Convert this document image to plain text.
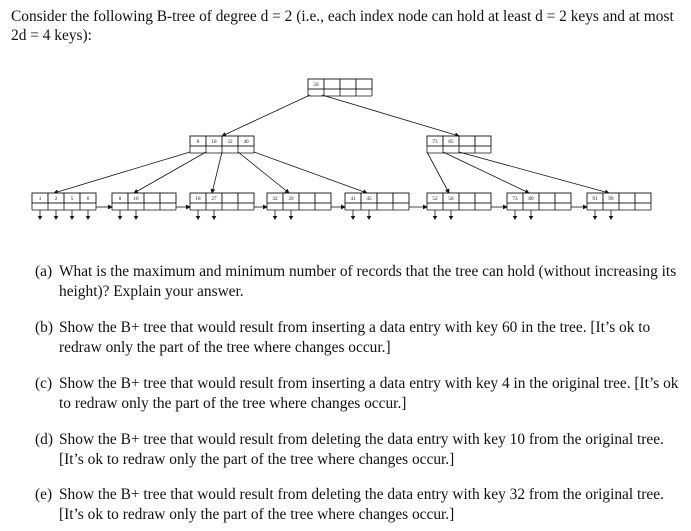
Consider the following B-tree of degree d = 2 (i.e., each index node can hold at least d = 2 keys and at most 2d = 4 keys):
50
8 18 32 40	73 85
1	2	5	6	8 10	18 27	32 39	41 45	52 58	73 80	91 99
(a) What is the maximum and minimum number of records that the tree can hold (without increasing its height)? Explain your answer.
(b) Show the B+ tree that would result from inserting a data entry with key 60 in the tree. [It’s ok to redraw only the part of the tree where changes occur.]
(c) Show the B+ tree that would result from inserting a data entry with key 4 in the original tree. [It’s ok to redraw only the part of the tree where changes occur.]
(d) Show the B+ tree that would result from deleting the data entry with key 10 from the original tree. [It’s ok to redraw only the part of the tree where changes occur.]
(e) Show the B+ tree that would result from deleting the data entry with key 32 from the original tree. [It’s ok to redraw only the part of the tree where changes occur.]
